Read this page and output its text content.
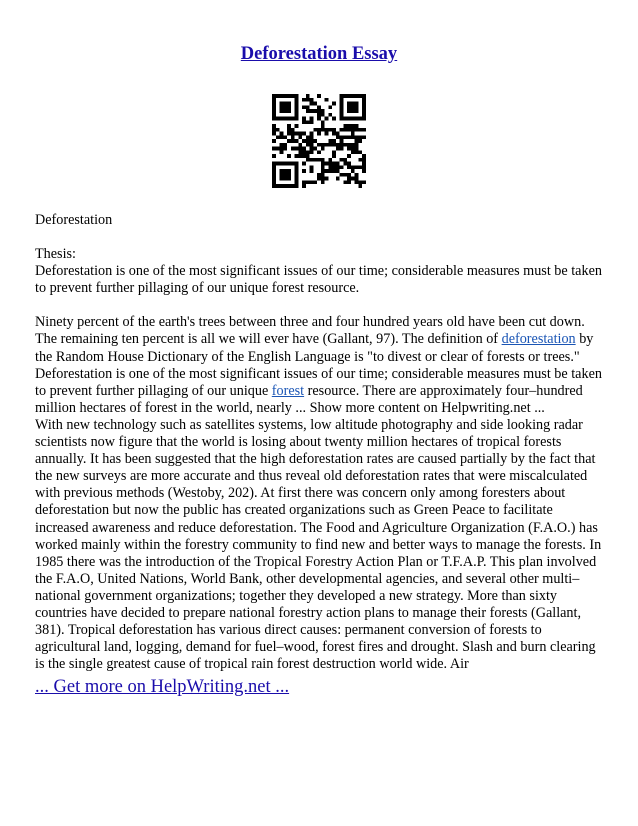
Deforestation Essay

Deforestation

Thesis:

Deforestation is one of the most significant issues of our time; considerable measures must be taken to prevent further pillaging of our unique forest resource.

Ninety percent of the earth's trees between three and four hundred years old have been cut down. The remaining ten percent is all we will ever have (Gallant, 97). The definition of deforestation by the Random House Dictionary of the English Language is "to divest or clear of forests or trees." Deforestation is one of the most significant issues of our time; considerable measures must be taken to prevent further pillaging of our unique forest resource. There are approximately four–hundred million hectares of forest in the world, nearly ... Show more content on Helpwriting.net ...

With new technology such as satellites systems, low altitude photography and side looking radar scientists now figure that the world is losing about twenty million hectares of tropical forests annually. It has been suggested that the high deforestation rates are caused partially by the fact that the new surveys are more accurate and thus reveal old deforestation rates that were miscalculated with previous methods (Westoby, 202). At first there was concern only among foresters about deforestation but now the public has created organizations such as Green Peace to facilitate increased awareness and reduce deforestation. The Food and Agriculture Organization (F.A.O.) has worked mainly within the forestry community to find new and better ways to manage the forests. In 1985 there was the introduction of the Tropical Forestry Action Plan or T.F.A.P. This plan involved the F.A.O, United Nations, World Bank, other developmental agencies, and several other multi–national government organizations; together they developed a new strategy. More than sixty countries have decided to prepare national forestry action plans to manage their forests (Gallant, 381). Tropical deforestation has various direct causes: permanent conversion of forests to agricultural land, logging, demand for fuel–wood, forest fires and drought. Slash and burn clearing is the single greatest cause of tropical rain forest destruction world wide. Air

... Get more on HelpWriting.net ...
